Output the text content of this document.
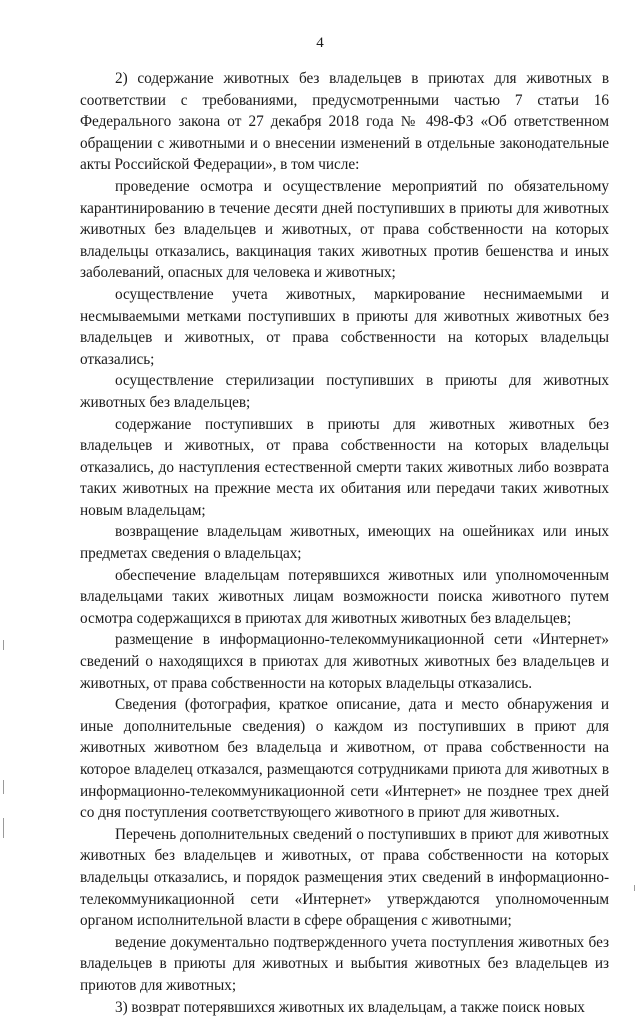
4

2) содержание животных без владельцев в приютах для животных в соответствии с требованиями, предусмотренными частью 7 статьи 16 Федерального закона от 27 декабря 2018 года № 498-ФЗ «Об ответственном обращении с животными и о внесении изменений в отдельные законодательные акты Российской Федерации», в том числе:

проведение осмотра и осуществление мероприятий по обязательному карантинированию в течение десяти дней поступивших в приюты для животных животных без владельцев и животных, от права собственности на которых владельцы отказались, вакцинация таких животных против бешенства и иных заболеваний, опасных для человека и животных;

осуществление учета животных, маркирование неснимаемыми и несмываемыми метками поступивших в приюты для животных животных без владельцев и животных, от права собственности на которых владельцы отказались;

осуществление стерилизации поступивших в приюты для животных животных без владельцев;

содержание поступивших в приюты для животных животных без владельцев и животных, от права собственности на которых владельцы отказались, до наступления естественной смерти таких животных либо возврата таких животных на прежние места их обитания или передачи таких животных новым владельцам;

возвращение владельцам животных, имеющих на ошейниках или иных предметах сведения о владельцах;

обеспечение владельцам потерявшихся животных или уполномоченным владельцами таких животных лицам возможности поиска животного путем осмотра содержащихся в приютах для животных животных без владельцев;

размещение в информационно-телекоммуникационной сети «Интернет» сведений о находящихся в приютах для животных животных без владельцев и животных, от права собственности на которых владельцы отказались.

Сведения (фотография, краткое описание, дата и место обнаружения и иные дополнительные сведения) о каждом из поступивших в приют для животных животном без владельца и животном, от права собственности на которое владелец отказался, размещаются сотрудниками приюта для животных в информационно-телекоммуникационной сети «Интернет» не позднее трех дней со дня поступления соответствующего животного в приют для животных.

Перечень дополнительных сведений о поступивших в приют для животных животных без владельцев и животных, от права собственности на которых владельцы отказались, и порядок размещения этих сведений в информационно-телекоммуникационной сети «Интернет» утверждаются уполномоченным органом исполнительной власти в сфере обращения с животными;

ведение документально подтвержденного учета поступления животных без владельцев в приюты для животных и выбытия животных без владельцев из приютов для животных;

3) возврат потерявшихся животных их владельцам, а также поиск новых
